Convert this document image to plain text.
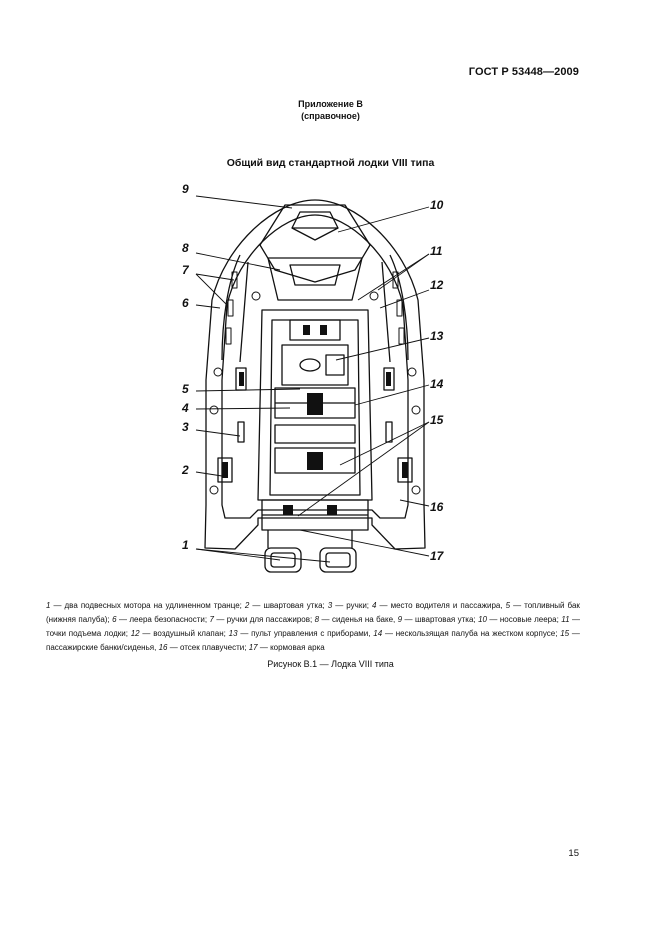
ГОСТ Р 53448—2009
Приложение В
(справочное)
Общий вид стандартной лодки VIII типа
9
10
8	11
7
12
6
13
5	14
4
15
3
2
16
1
17
1 — два подвесных мотора на удлиненном транце; 2 — швартовая утка; 3 — ручки; 4 — место водителя и пассажира, 5 — топливный бак (нижняя палуба); 6 — леера безопасности; 7 — ручки для пассажиров; 8 — сиденья на баке, 9 — швартовая утка; 10 — носовые леера; 11 — точки подъема лодки; 12 — воздушный клапан; 13 — пульт управления с приборами, 14 — нескользящая палуба на жестком корпусе; 15 — пассажирские банки/сиденья, 16 — отсек плавучести; 17 — кормовая арка
Рисунок В.1 — Лодка VIII типа
15
